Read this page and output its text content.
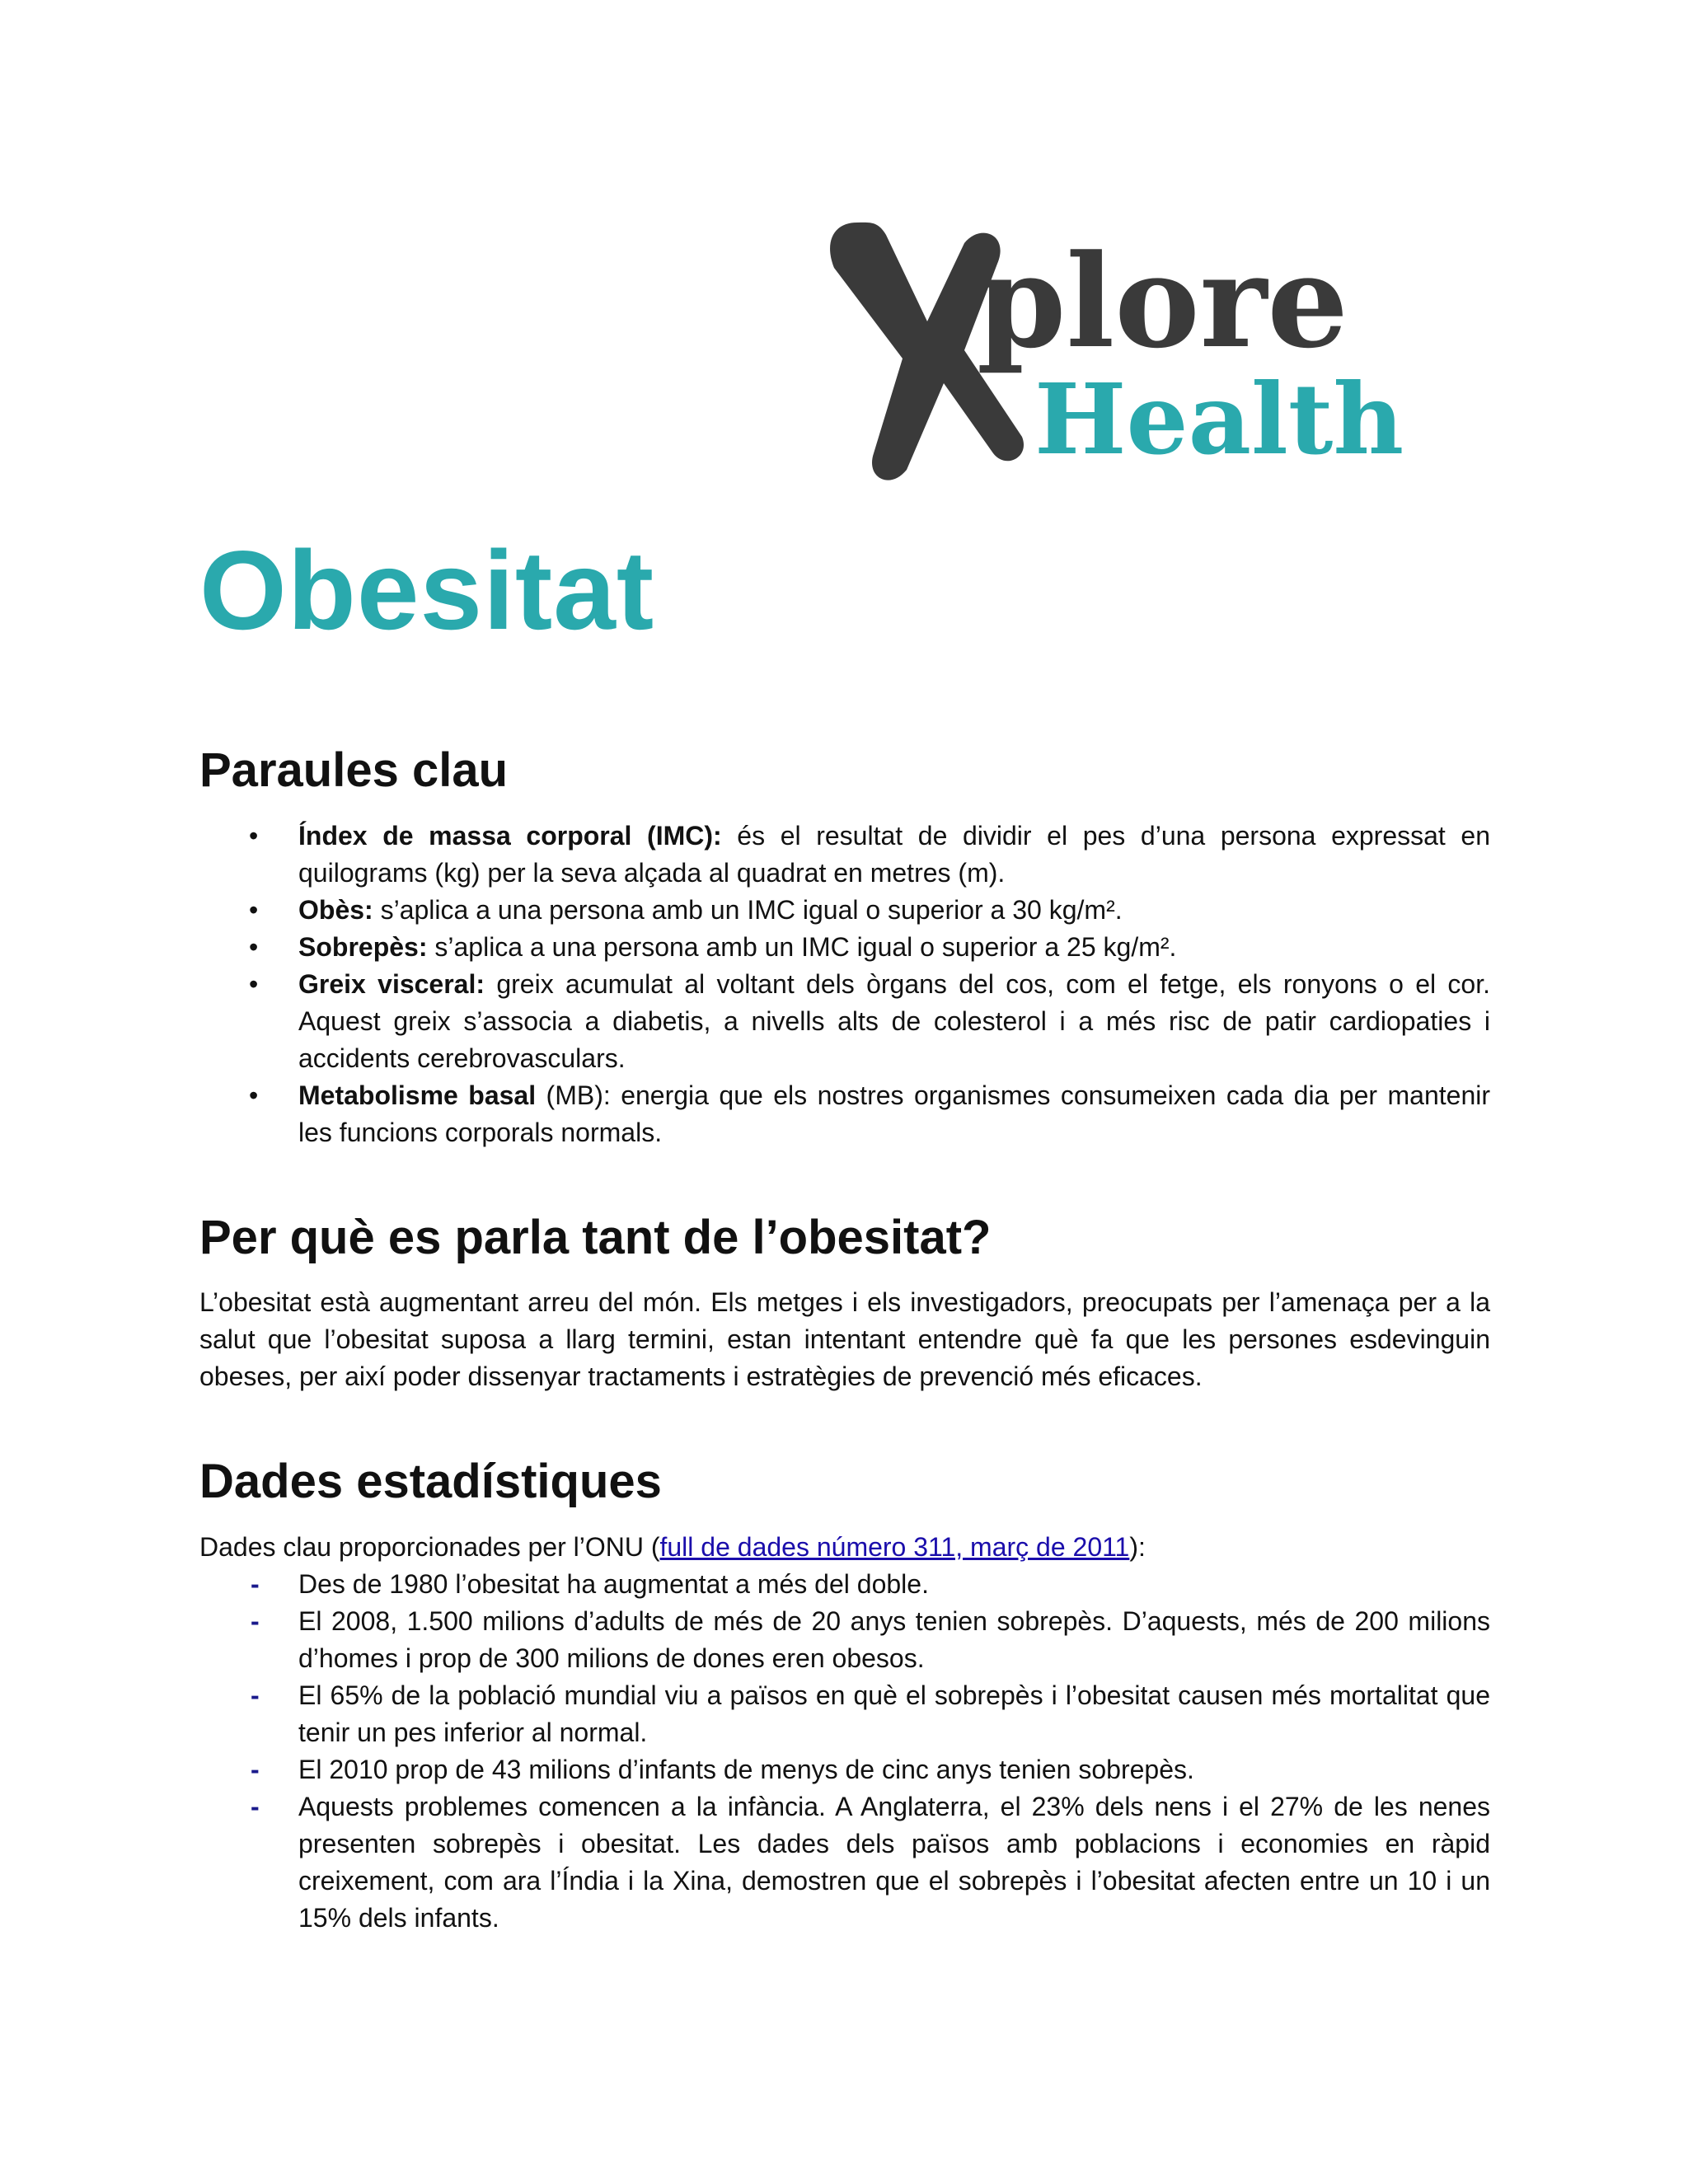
plore
Health
Obesitat
Paraules clau
• Índex de massa corporal (IMC): és el resultat de dividir el pes d’una persona expressat en quilograms (kg) per la seva alçada al quadrat en metres (m).
• Obès: s’aplica a una persona amb un IMC igual o superior a 30 kg/m².
• Sobrepès: s’aplica a una persona amb un IMC igual o superior a 25 kg/m².
• Greix visceral: greix acumulat al voltant dels òrgans del cos, com el fetge, els ronyons o el cor. Aquest greix s’associa a diabetis, a nivells alts de colesterol i a més risc de patir cardiopaties i accidents cerebrovasculars.
• Metabolisme basal (MB): energia que els nostres organismes consumeixen cada dia per mantenir les funcions corporals normals.
Per què es parla tant de l’obesitat?

L’obesitat està augmentant arreu del món. Els metges i els investigadors, preocupats per l’amenaça per a la salut que l’obesitat suposa a llarg termini, estan intentant entendre què fa que les persones esdevinguin obeses, per així poder dissenyar tractaments i estratègies de prevenció més eficaces.

Dades estadístiques

Dades clau proporcionades per l’ONU (full de dades número 311, març de 2011):

- Des de 1980 l’obesitat ha augmentat a més del doble.
- El 2008, 1.500 milions d’adults de més de 20 anys tenien sobrepès. D’aquests, més de 200 milions d’homes i prop de 300 milions de dones eren obesos.
- El 65% de la població mundial viu a països en què el sobrepès i l’obesitat causen més mortalitat que tenir un pes inferior al normal.
- El 2010 prop de 43 milions d’infants de menys de cinc anys tenien sobrepès.
- Aquests problemes comencen a la infància. A Anglaterra, el 23% dels nens i el 27% de les nenes presenten sobrepès i obesitat. Les dades dels països amb poblacions i economies en ràpid creixement, com ara l’Índia i la Xina, demostren que el sobrepès i l’obesitat afecten entre un 10 i un 15% dels infants.
